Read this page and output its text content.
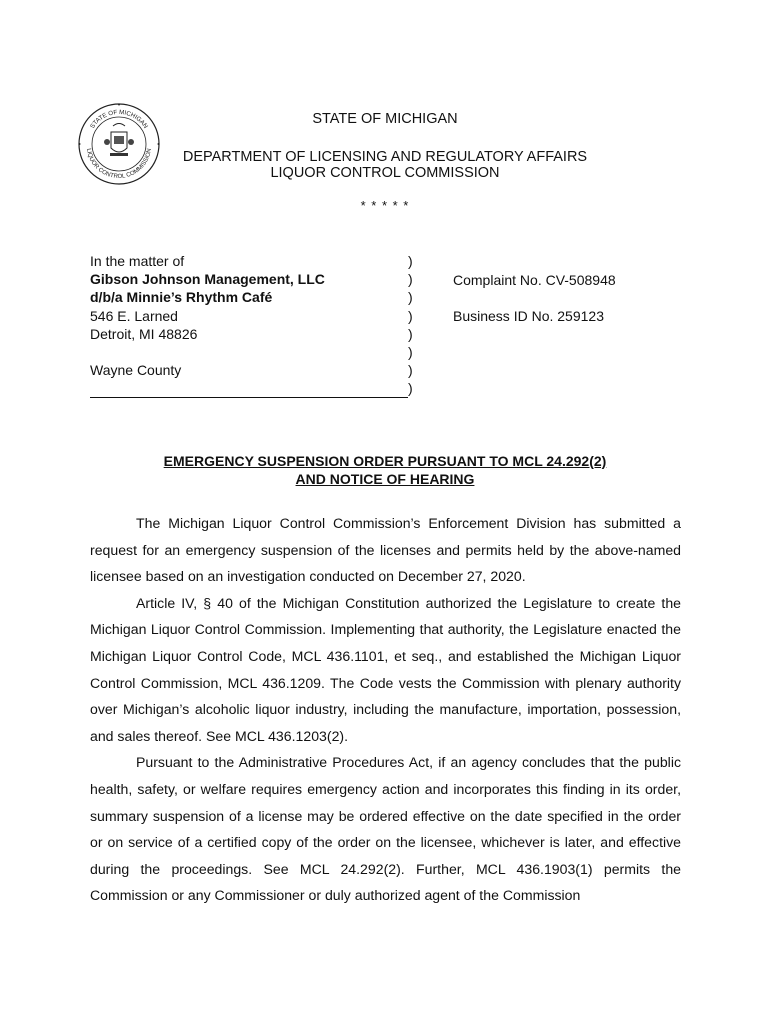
STATE OF MICHIGAN
LIQUOR CONTROL COMMISSION
STATE OF MICHIGAN
DEPARTMENT OF LICENSING AND REGULATORY AFFAIRS
LIQUOR CONTROL COMMISSION
* * * * *
In the matter of
Gibson Johnson Management, LLC
d/b/a Minnie’s Rhythm Café
546 E. Larned
Detroit, MI 48826

Wayne County
)
)
)
)
)
)
)
)
Complaint No. CV-508948
Business ID No. 259123
EMERGENCY SUSPENSION ORDER PURSUANT TO MCL 24.292(2)
AND NOTICE OF HEARING

The Michigan Liquor Control Commission’s Enforcement Division has submitted a request for an emergency suspension of the licenses and permits held by the above-named licensee based on an investigation conducted on December 27, 2020.

Article IV, § 40 of the Michigan Constitution authorized the Legislature to create the Michigan Liquor Control Commission. Implementing that authority, the Legislature enacted the Michigan Liquor Control Code, MCL 436.1101, et seq., and established the Michigan Liquor Control Commission, MCL 436.1209. The Code vests the Commission with plenary authority over Michigan’s alcoholic liquor industry, including the manufacture, importation, possession, and sales thereof. See MCL 436.1203(2).

Pursuant to the Administrative Procedures Act, if an agency concludes that the public health, safety, or welfare requires emergency action and incorporates this finding in its order, summary suspension of a license may be ordered effective on the date specified in the order or on service of a certified copy of the order on the licensee, whichever is later, and effective during the proceedings. See MCL 24.292(2). Further, MCL 436.1903(1) permits the Commission or any Commissioner or duly authorized agent of the Commission
